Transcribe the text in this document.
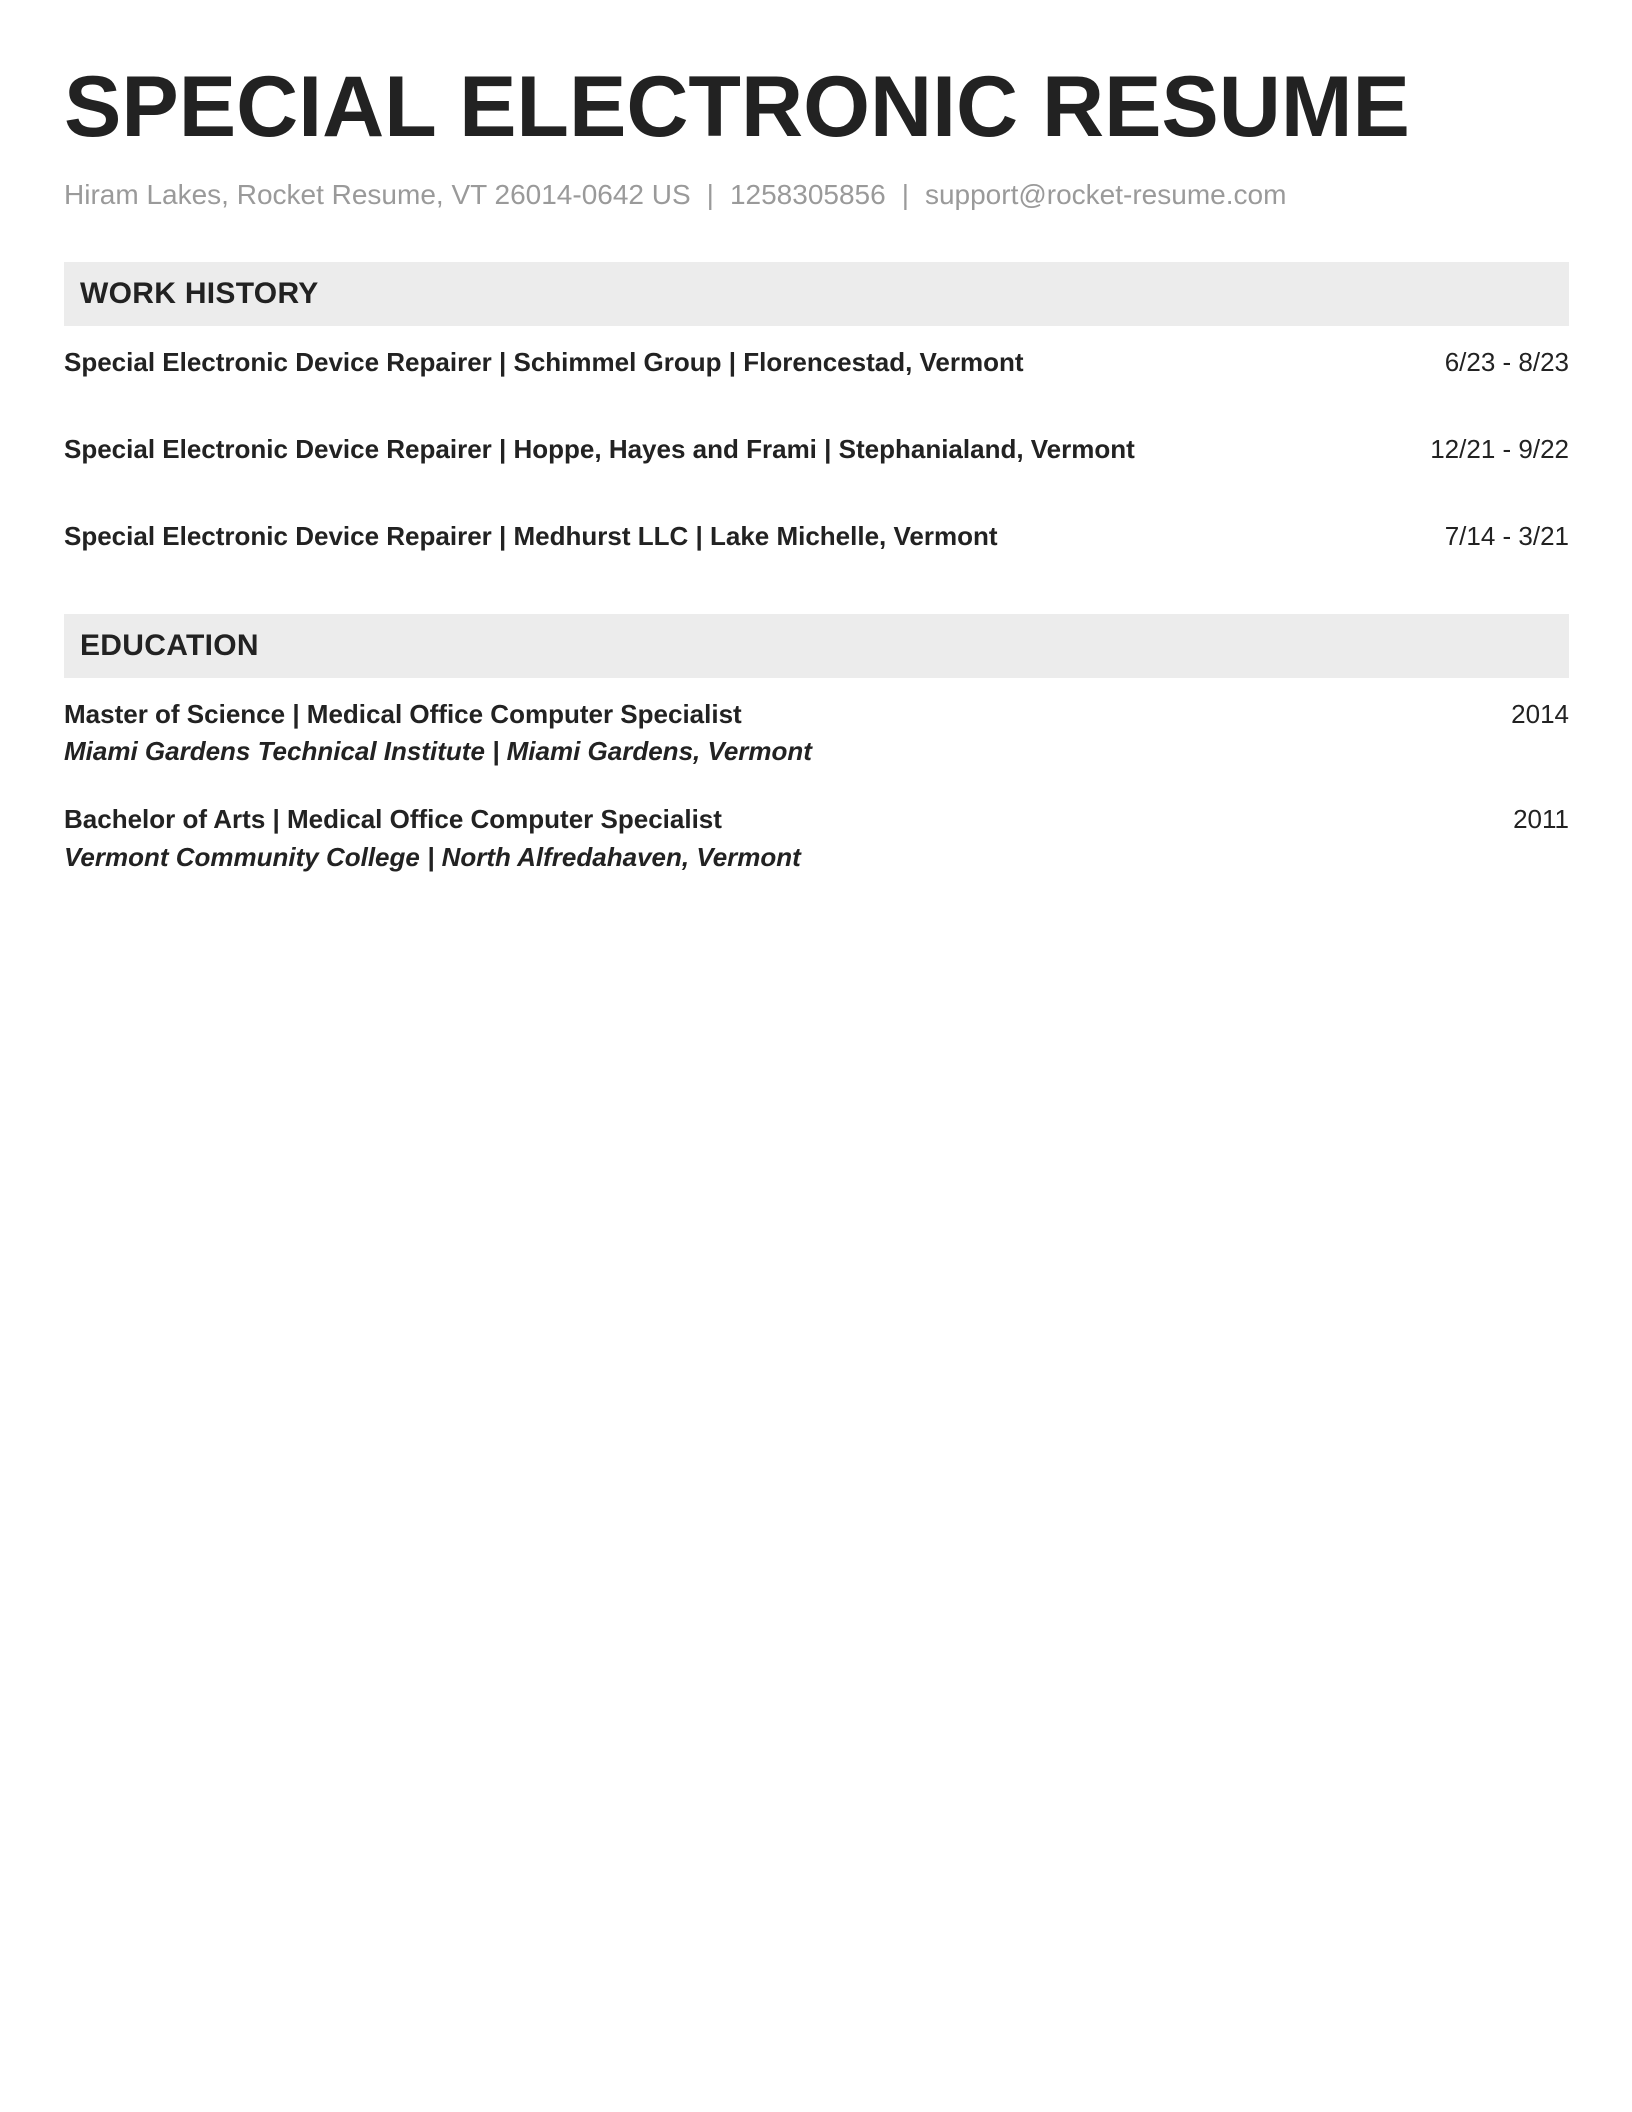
SPECIAL ELECTRONIC RESUME
Hiram Lakes, Rocket Resume, VT 26014-0642 US | 1258305856 | support@rocket-resume.com
WORK HISTORY
Special Electronic Device Repairer | Schimmel Group | Florencestad, Vermont	6/23 - 8/23
Special Electronic Device Repairer | Hoppe, Hayes and Frami | Stephanialand, Vermont	12/21 - 9/22
Special Electronic Device Repairer | Medhurst LLC | Lake Michelle, Vermont	7/14 - 3/21
EDUCATION
Master of Science | Medical Office Computer Specialist	2014
Miami Gardens Technical Institute | Miami Gardens, Vermont
Bachelor of Arts | Medical Office Computer Specialist	2011
Vermont Community College | North Alfredahaven, Vermont
